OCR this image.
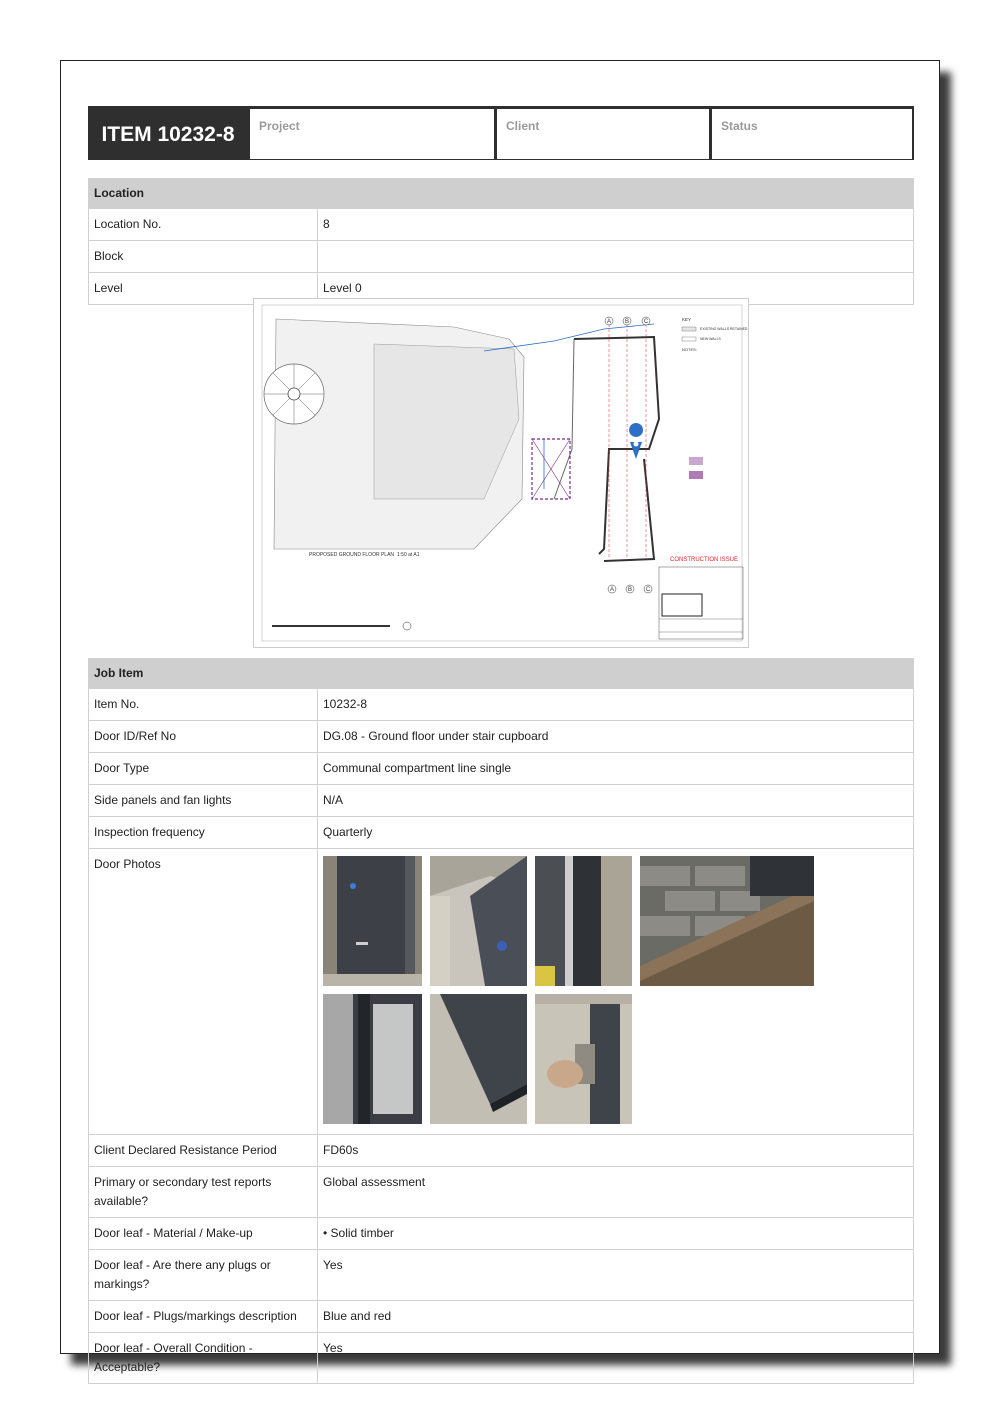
ITEM 10232-8	Project	Client	Status
Location	
Location No.	8
Block	
Level	Level 0
A B C
A B C
KEY
EXISTING WALLS RETAINED
NEW WALLS
NOTES:
PROPOSED GROUND FLOOR PLAN 1:50 at A1
CONSTRUCTION ISSUE
Job Item	
Item No.	10232-8
Door ID/Ref No	DG.08 - Ground floor under stair cupboard
Door Type	Communal compartment line single
Side panels and fan lights	N/A
Inspection frequency	Quarterly
Door Photos	

Client Declared Resistance Period	FD60s
Primary or secondary test reports available?	Global assessment
Door leaf - Material / Make-up	• Solid timber
Door leaf - Are there any plugs or markings?	Yes
Door leaf - Plugs/markings description	Blue and red
Door leaf - Overall Condition - Acceptable?	Yes
